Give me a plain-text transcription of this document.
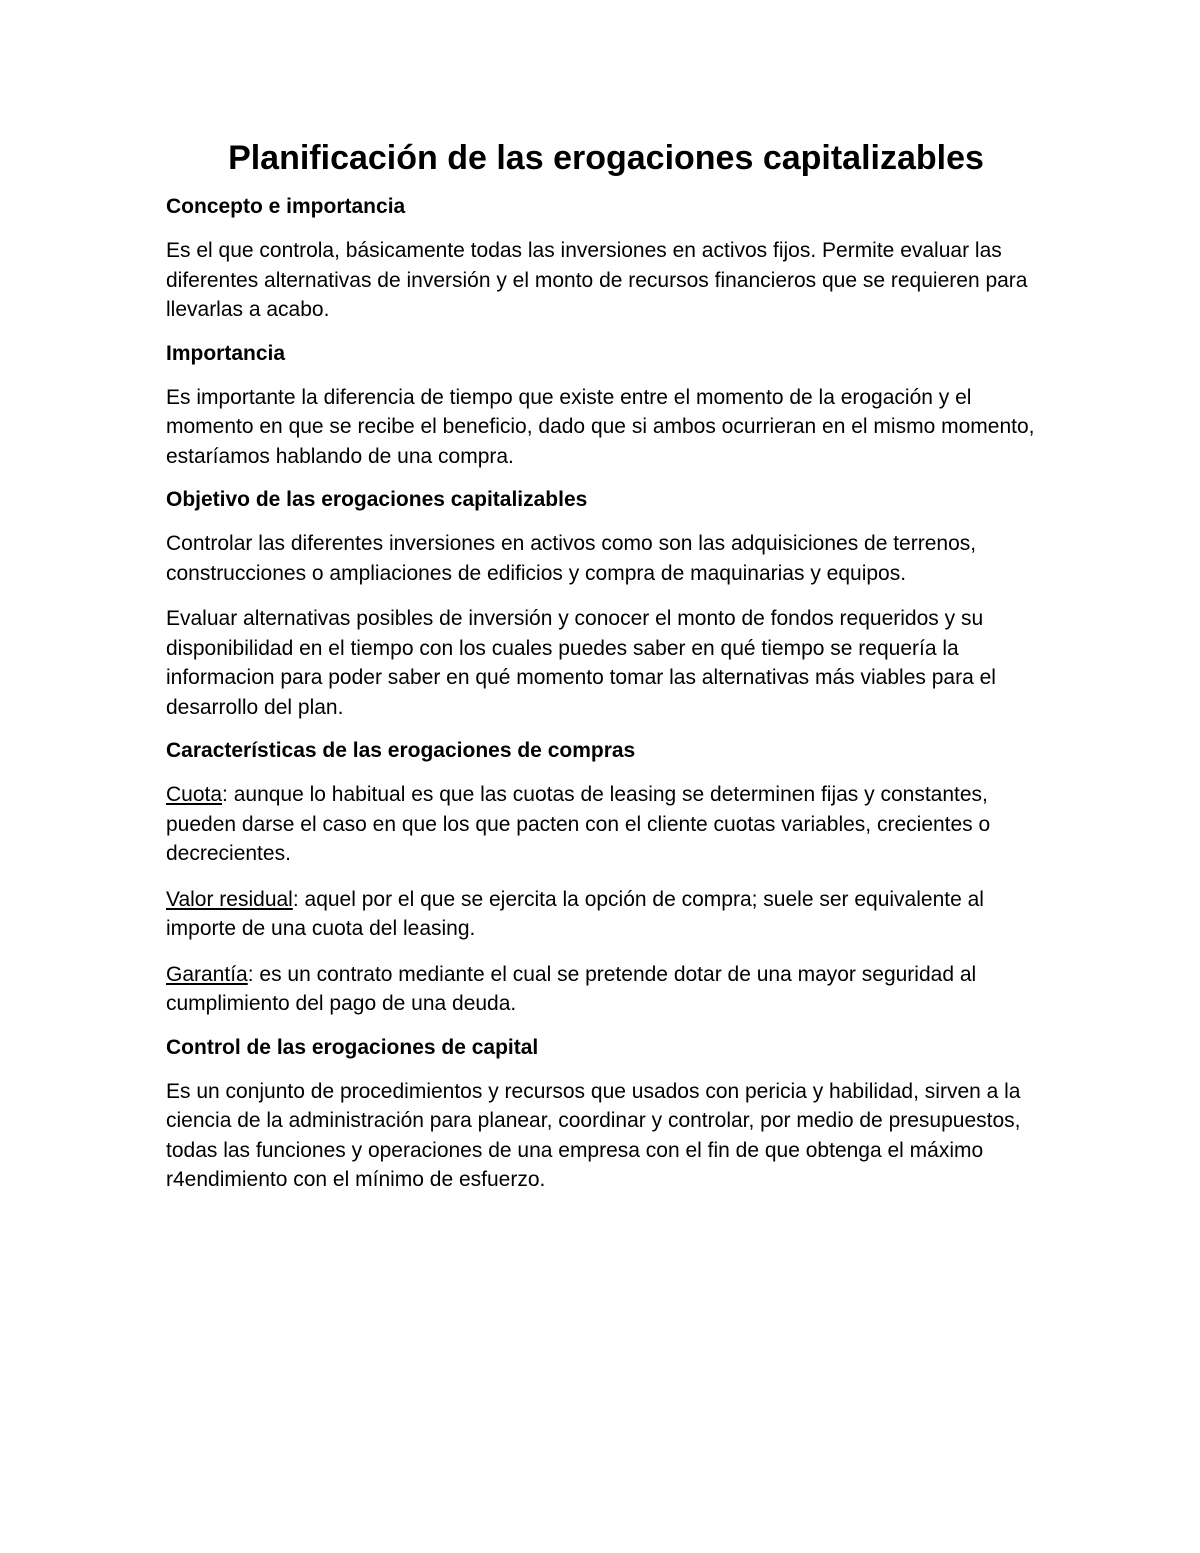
Planificación de las erogaciones capitalizables
Concepto e importancia

Es el que controla, básicamente todas las inversiones en activos fijos. Permite evaluar las diferentes alternativas de inversión y el monto de recursos financieros que se requieren para llevarlas a acabo.

Importancia

Es importante la diferencia de tiempo que existe entre el momento de la erogación y el momento en que se recibe el beneficio, dado que si ambos ocurrieran en el mismo momento, estaríamos hablando de una compra.

Objetivo de las erogaciones capitalizables

Controlar las diferentes inversiones en activos como son las adquisiciones de terrenos, construcciones o ampliaciones de edificios y compra de maquinarias y equipos.

Evaluar alternativas posibles de inversión y conocer el monto de fondos requeridos y su disponibilidad en el tiempo con los cuales puedes saber en qué tiempo se requería la informacion para poder saber en qué momento tomar las alternativas más viables para el desarrollo del plan.

Características de las erogaciones de compras

Cuota: aunque lo habitual es que las cuotas de leasing se determinen fijas y constantes, pueden darse el caso en que los que pacten con el cliente cuotas variables, crecientes o decrecientes.

Valor residual: aquel por el que se ejercita la opción de compra; suele ser equivalente al importe de una cuota del leasing.

Garantía: es un contrato mediante el cual se pretende dotar de una mayor seguridad al cumplimiento del pago de una deuda.

Control de las erogaciones de capital

Es un conjunto de procedimientos y recursos que usados con pericia y habilidad, sirven a la ciencia de la administración para planear, coordinar y controlar, por medio de presupuestos, todas las funciones y operaciones de una empresa con el fin de que obtenga el máximo r4endimiento con el mínimo de esfuerzo.
